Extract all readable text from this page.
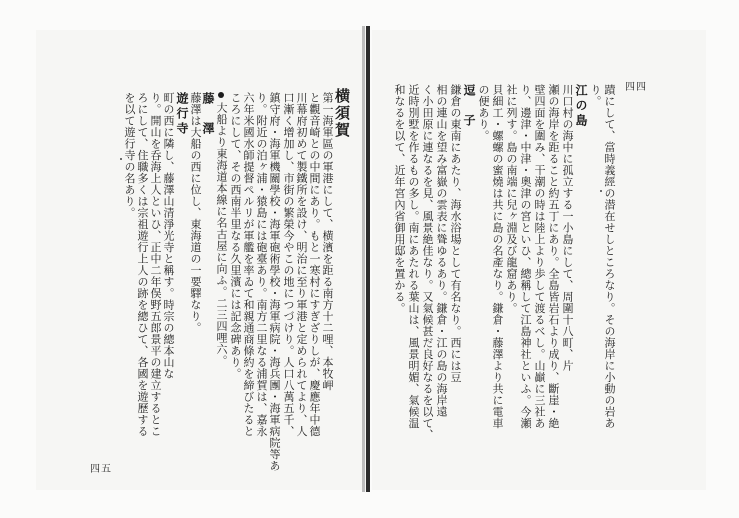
横須賀
第一海軍區の軍港にして、横濱を距る南方十二哩、本牧岬
と觀音崎との中間にあり。もと一寒村にすぎざりしが、慶應年中德
川幕府初めて製鐵所を設け、明治に至り軍港と定められてより、人
口漸く增加し、市街の繁榮今やこの地につづけり。人口八萬五千、
鎮守府・海軍機關學校・海軍砲術學校・海軍病院・海兵團・海軍病院等あ
り。附近の泊ヶ浦・猿島には砲臺あり。南方二里なる浦賀は、嘉永
六年米國水師提督ペルリが軍艦を率ゐて和親通商條約を締びたると
ころにして、その西南半里なる久里濱には記念碑あり。
大船より東海道本線に名古屋に向ふ。二三四哩六。
藤　澤
藤澤は大船の西に位し、東海道の一要驛なり。
遊行寺
町の西に隣し、藤澤山清淨光寺と稱す。時宗の總本山な
り。開山を呑海上人といひ、正中二年俣野五郎景平の建立するとこ
ろにして、住職多くは宗祖遊行上人の跡を總ひて、各國を遊歷する
を以て遊行寺の名あり。	蹟にして、當時義經の潜在せしところなり。その海岸に小動の岩あ
り。
江の島
川口村の海中に孤立する一小島にして、周圍十八町、片
瀬の海岸を距ること約五丁にあり。全島皆岩石より成り、斷崖・絶
壁四面を圍み、干潮の時は陸上より歩して渡るべし。山巓に三社あ
り、邊津・中津・奧津の宮といひ、總稱して江島神社といふ。今瀬
社に列す。島の南端に兒ヶ淵及び龍窟あり。
貝細工・螺螺の蜜燒は共に島の名產なり。鎌倉・藤澤より共に電車
の便あり。
逗　子
鎌倉の東南にあたり、海水浴場として有名なり。西には豆
相の連山を望み富嶽の雲表に聳ゆるあり。鎌倉・江の島の海岸遠
く小田原に連なるを見、風景絶佳なり。又氣候甚だ良好なるを以て、
近時別墅を作るもの多し。南にあたれる葉山は、風景明媚、氣候温
和なるを以て、近年宮內省御用邸を置かる。
四五
四四
